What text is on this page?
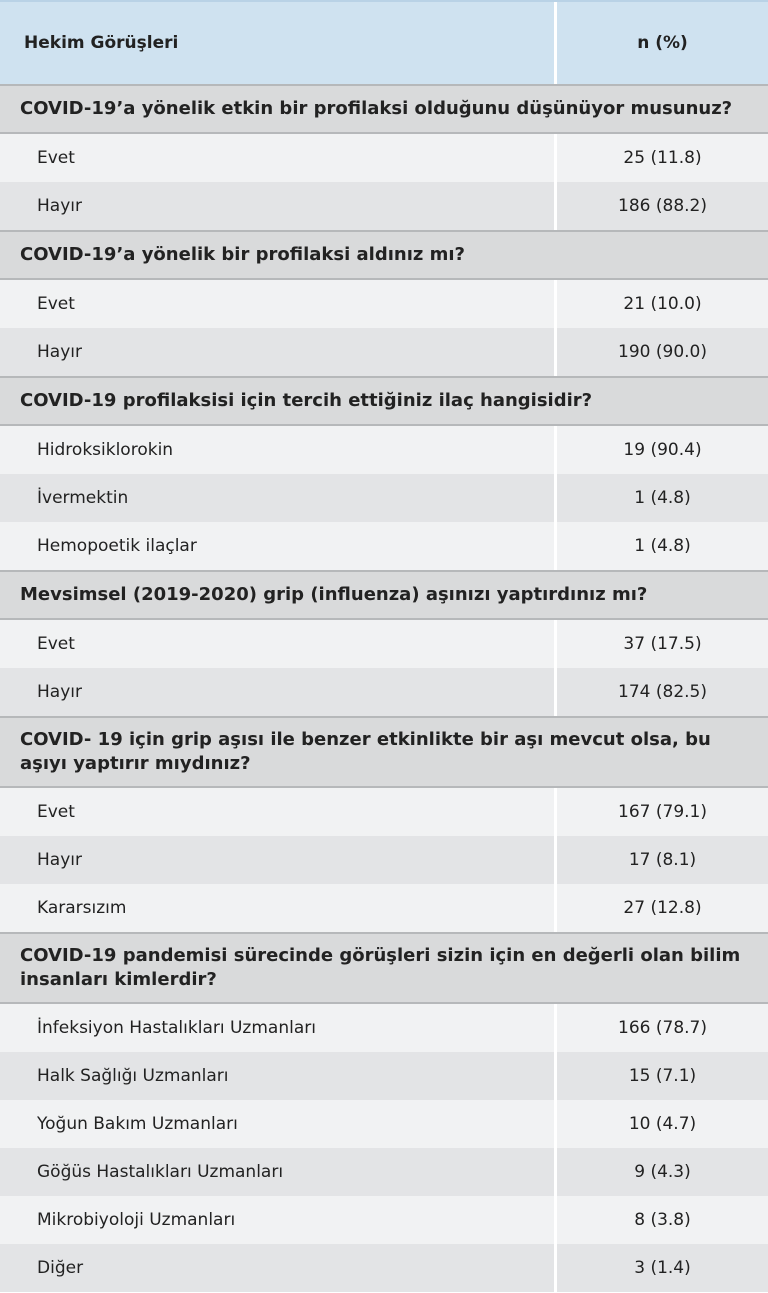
Hekim Görüşleri	n (%)
COVID-19’a yönelik etkin bir profilaksi olduğunu düşünüyor musunuz?
Evet	25 (11.8)
Hayır	186 (88.2)
COVID-19’a yönelik bir profilaksi aldınız mı?
Evet	21 (10.0)
Hayır	190 (90.0)
COVID-19 profilaksisi için tercih ettiğiniz ilaç hangisidir?
Hidroksiklorokin	19 (90.4)
İvermektin	1 (4.8)
Hemopoetik ilaçlar	1 (4.8)
Mevsimsel (2019-2020) grip (influenza) aşınızı yaptırdınız mı?
Evet	37 (17.5)
Hayır	174 (82.5)
COVID- 19 için grip aşısı ile benzer etkinlikte bir aşı mevcut olsa, bu aşıyı yaptırır mıydınız?
Evet	167 (79.1)
Hayır	17 (8.1)
Kararsızım	27 (12.8)
COVID-19 pandemisi sürecinde görüşleri sizin için en değerli olan bilim insanları kimlerdir?
İnfeksiyon Hastalıkları Uzmanları	166 (78.7)
Halk Sağlığı Uzmanları	15 (7.1)
Yoğun Bakım Uzmanları	10 (4.7)
Göğüs Hastalıkları Uzmanları	9 (4.3)
Mikrobiyoloji Uzmanları	8 (3.8)
Diğer	3 (1.4)
